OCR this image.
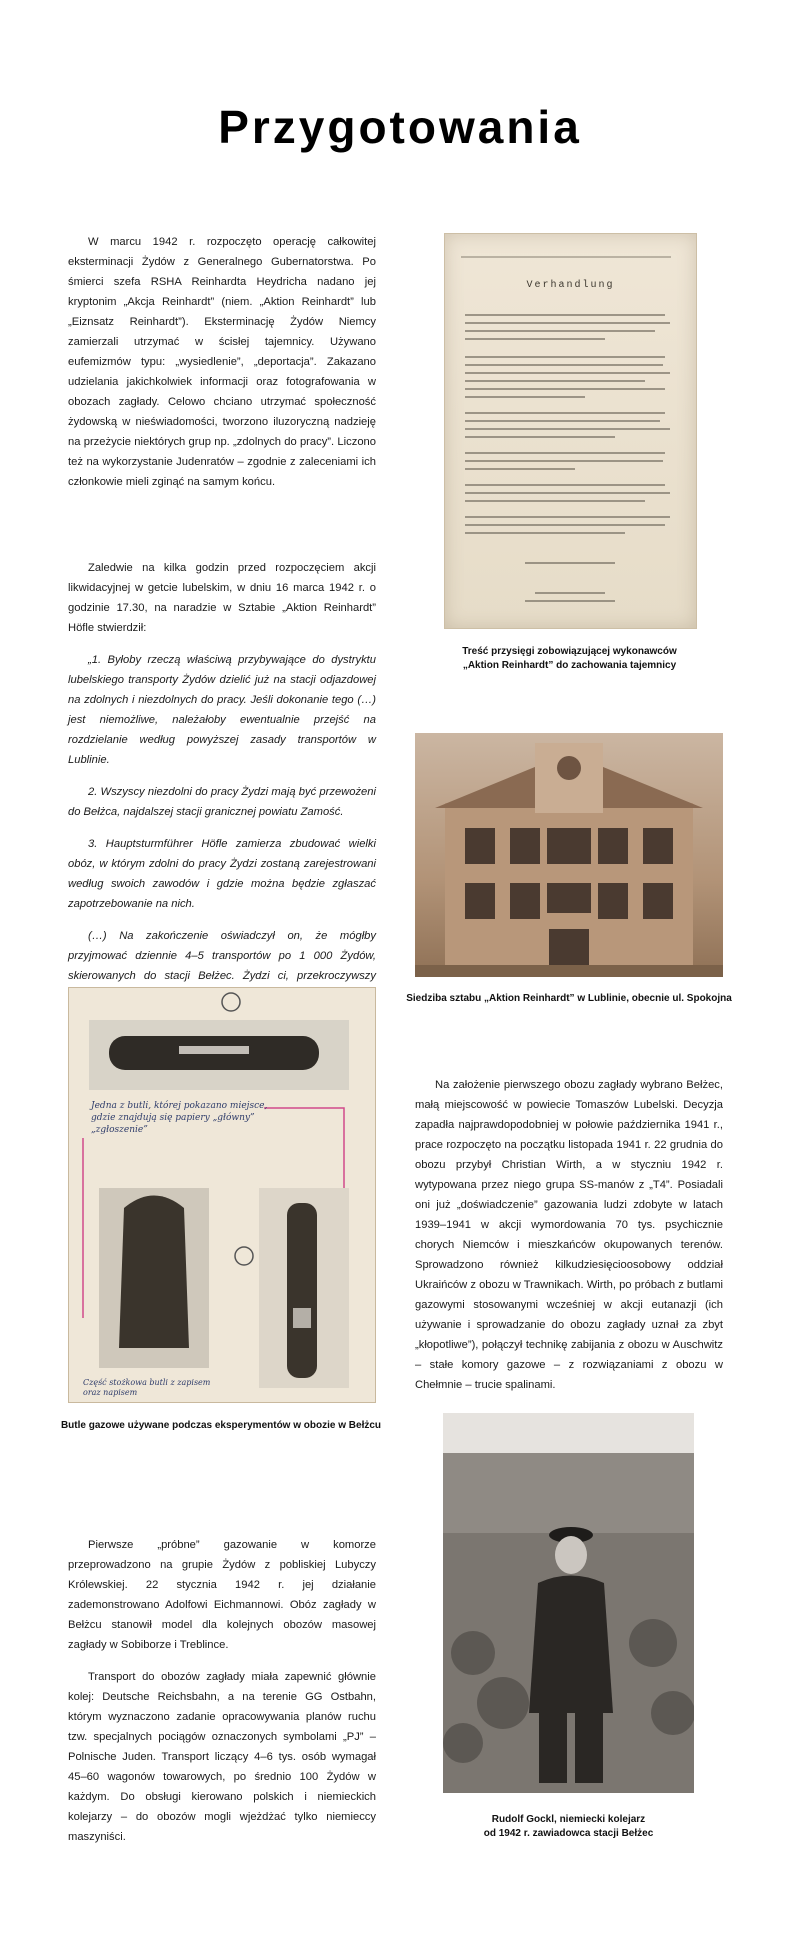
Przygotowania

W marcu 1942 r. rozpoczęto operację całkowitej eksterminacji Żydów z Generalnego Gubernatorstwa. Po śmierci szefa RSHA Reinhardta Heydricha nadano jej kryptonim „Akcja Reinhardt” (niem. „Aktion Reinhardt” lub „Eiznsatz Reinhardt”). Eksterminację Żydów Niemcy zamierzali utrzymać w ścisłej tajemnicy. Używano eufemizmów typu: „wysiedlenie”, „deportacja”. Zakazano udzielania jakichkolwiek informacji oraz fotografowania w obozach zagłady. Celowo chciano utrzymać społeczność żydowską w nieświadomości, tworzono iluzoryczną nadzieję na przeżycie niektórych grup np. „zdolnych do pracy”. Liczono też na wykorzystanie Judenratów – zgodnie z zaleceniami ich członkowie mieli zginąć na samym końcu.

Verhandlung
Treść przysięgi zobowiązującej wykonawców
„Aktion Reinhardt” do zachowania tajemnicy

Zaledwie na kilka godzin przed rozpoczęciem akcji likwidacyjnej w getcie lubelskim, w dniu 16 marca 1942 r. o godzinie 17.30, na naradzie w Sztabie „Aktion Reinhardt” Höfle stwierdził:

„1. Byłoby rzeczą właściwą przybywające do dystryktu lubelskiego transporty Żydów dzielić już na stacji odjazdowej na zdolnych i niezdolnych do pracy. Jeśli dokonanie tego (…) jest niemożliwe, należałoby ewentualnie przejść na rozdzielanie według powyższej zasady transportów w Lublinie.

2. Wszyscy niezdolni do pracy Żydzi mają być przewożeni do Bełżca, najdalszej stacji granicznej powiatu Zamość.

3. Hauptsturmführer Höfle zamierza zbudować wielki obóz, w którym zdolni do pracy Żydzi zostaną zarejestrowani według swoich zawodów i gdzie można będzie zgłaszać zapotrzebowanie na nich.

(…) Na zakończenie oświadczył on, że mógłby przyjmować dziennie 4–5 transportów po 1 000 Żydów, skierowanych do stacji Bełżec. Żydzi ci, przekroczywszy

Siedziba sztabu „Aktion Reinhardt” w Lublinie, obecnie ul. Spokojna
Jedna z butli, której pokazano miejsce, gdzie znajdują się papiery „główny” „zgłoszenie”
Część stożkowa butli z zapisem oraz napisem
Butle gazowe używane podczas eksperymentów w obozie w Bełżcu

Na założenie pierwszego obozu zagłady wybrano Bełżec, małą miejscowość w powiecie Tomaszów Lubelski. Decyzja zapadła najprawdopodobniej w połowie października 1941 r., prace rozpoczęto na początku listopada 1941 r. 22 grudnia do obozu przybył Christian Wirth, a w styczniu 1942 r. wytypowana przez niego grupa SS-manów z „T4”. Posiadali oni już „doświadczenie” gazowania ludzi zdobyte w latach 1939–1941 w akcji wymordowania 70 tys. psychicznie chorych Niemców i mieszkańców okupowanych terenów. Sprowadzono również kilkudziesięcioosobowy oddział Ukraińców z obozu w Trawnikach. Wirth, po próbach z butlami gazowymi stosowanymi wcześniej w akcji eutanazji (ich używanie i sprowadzanie do obozu zagłady uznał za zbyt „kłopotliwe”), połączył technikę zabijania z obozu w Auschwitz – stałe komory gazowe – z rozwiązaniami z obozu w Chełmnie – trucie spalinami.

Pierwsze „próbne” gazowanie w komorze przeprowadzono na grupie Żydów z pobliskiej Lubyczy Królewskiej. 22 stycznia 1942 r. jej działanie zademonstrowano Adolfowi Eichmannowi. Obóz zagłady w Bełżcu stanowił model dla kolejnych obozów masowej zagłady w Sobiborze i Treblince.

Transport do obozów zagłady miała zapewnić głównie kolej: Deutsche Reichsbahn, a na terenie GG Ostbahn, którym wyznaczono zadanie opracowywania planów ruchu tzw. specjalnych pociągów oznaczonych symbolami „PJ” – Polnische Juden. Transport liczący 4–6 tys. osób wymagał 45–60 wagonów towarowych, po średnio 100 Żydów w każdym. Do obsługi kierowano polskich i niemieckich kolejarzy – do obozów mogli wjeżdżać tylko niemieccy maszyniści.

Rudolf Gockl, niemiecki kolejarz
od 1942 r. zawiadowca stacji Bełżec
